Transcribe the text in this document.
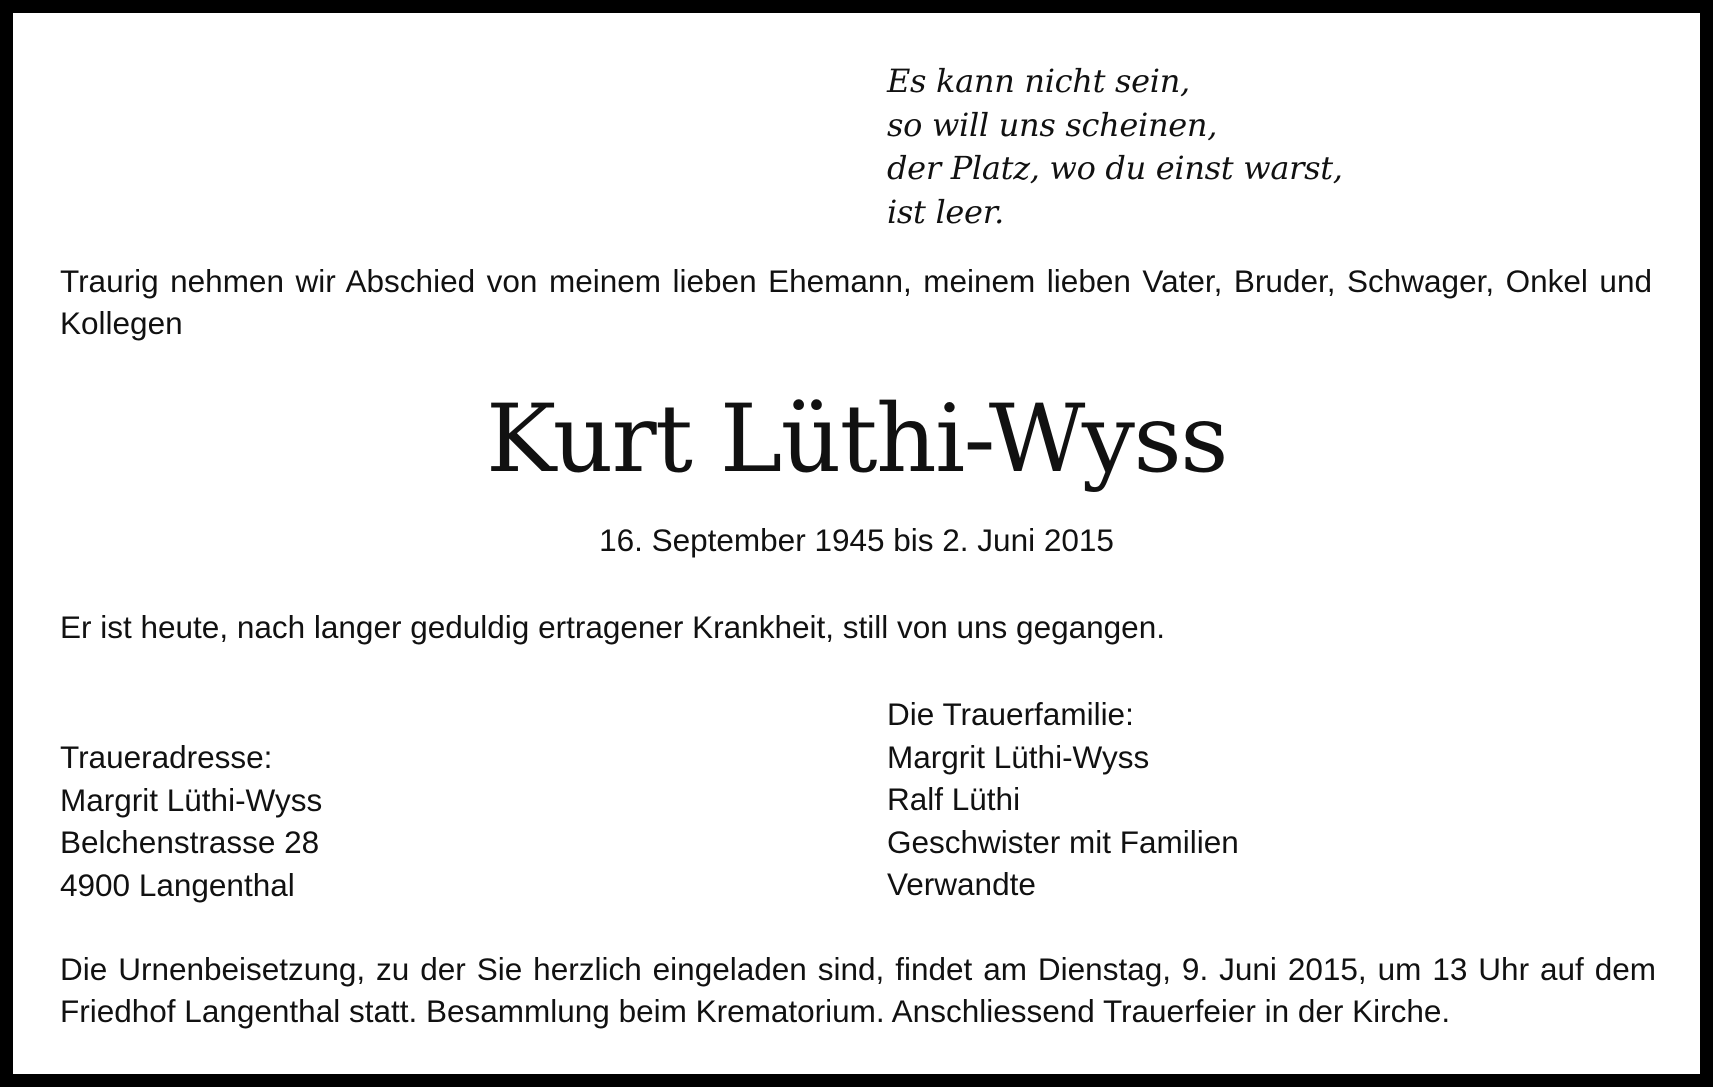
Es kann nicht sein,
so will uns scheinen,
der Platz, wo du einst warst,
ist leer.
Traurig nehmen wir Abschied von meinem lieben Ehemann, meinem lieben Vater, Bruder, Schwager, Onkel und Kollegen
Kurt Lüthi-Wyss
16. September 1945 bis 2. Juni 2015
Er ist heute, nach langer geduldig ertragener Krankheit, still von uns gegangen.
Traueradresse:
Margrit Lüthi-Wyss
Belchenstrasse 28
4900 Langenthal
Die Trauerfamilie:
Margrit Lüthi-Wyss
Ralf Lüthi
Geschwister mit Familien
Verwandte
Die Urnenbeisetzung, zu der Sie herzlich eingeladen sind, findet am Dienstag, 9. Juni 2015, um 13 Uhr auf dem Friedhof Langenthal statt. Besammlung beim Krematorium. Anschliessend Trauerfeier in der Kirche.
